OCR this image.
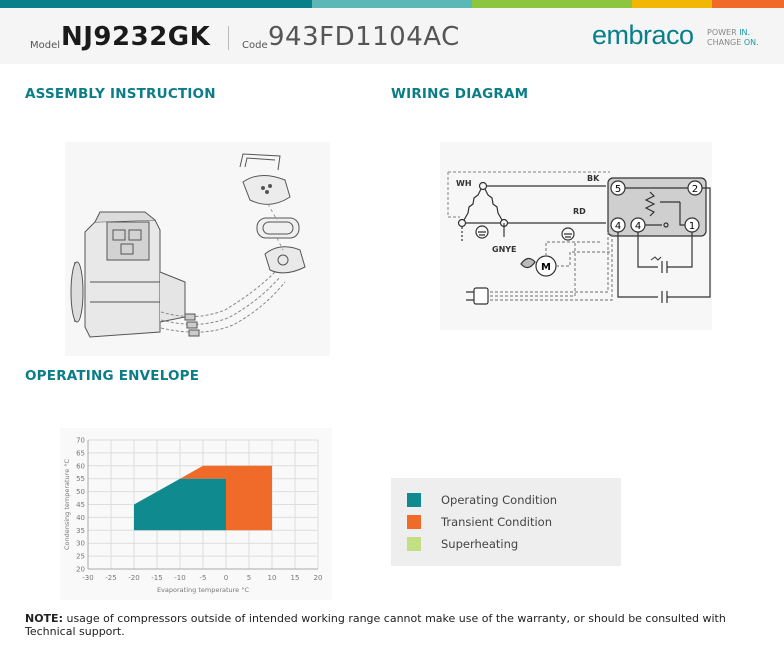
Model NJ9232GK	Code 943FD1104AC	embraco POWER IN.
CHANGE ON.
ASSEMBLY INSTRUCTION	WIRING DIAGRAM
OPERATING ENVELOPE
5	2
4 4	1
WH
BK
RD
GNYE
M
-30 -25 -20 -15 -10 -5 0	5 10 15 20
20
25
30
35
40
45
50
55
60
65
70
Evaporating temperature °C
Condensing temperature °C	Operating Condition
Transient Condition
Superheating
NOTE: usage of compressors outside of intended working range cannot make use of the warranty, or should be consulted with Technical support.
